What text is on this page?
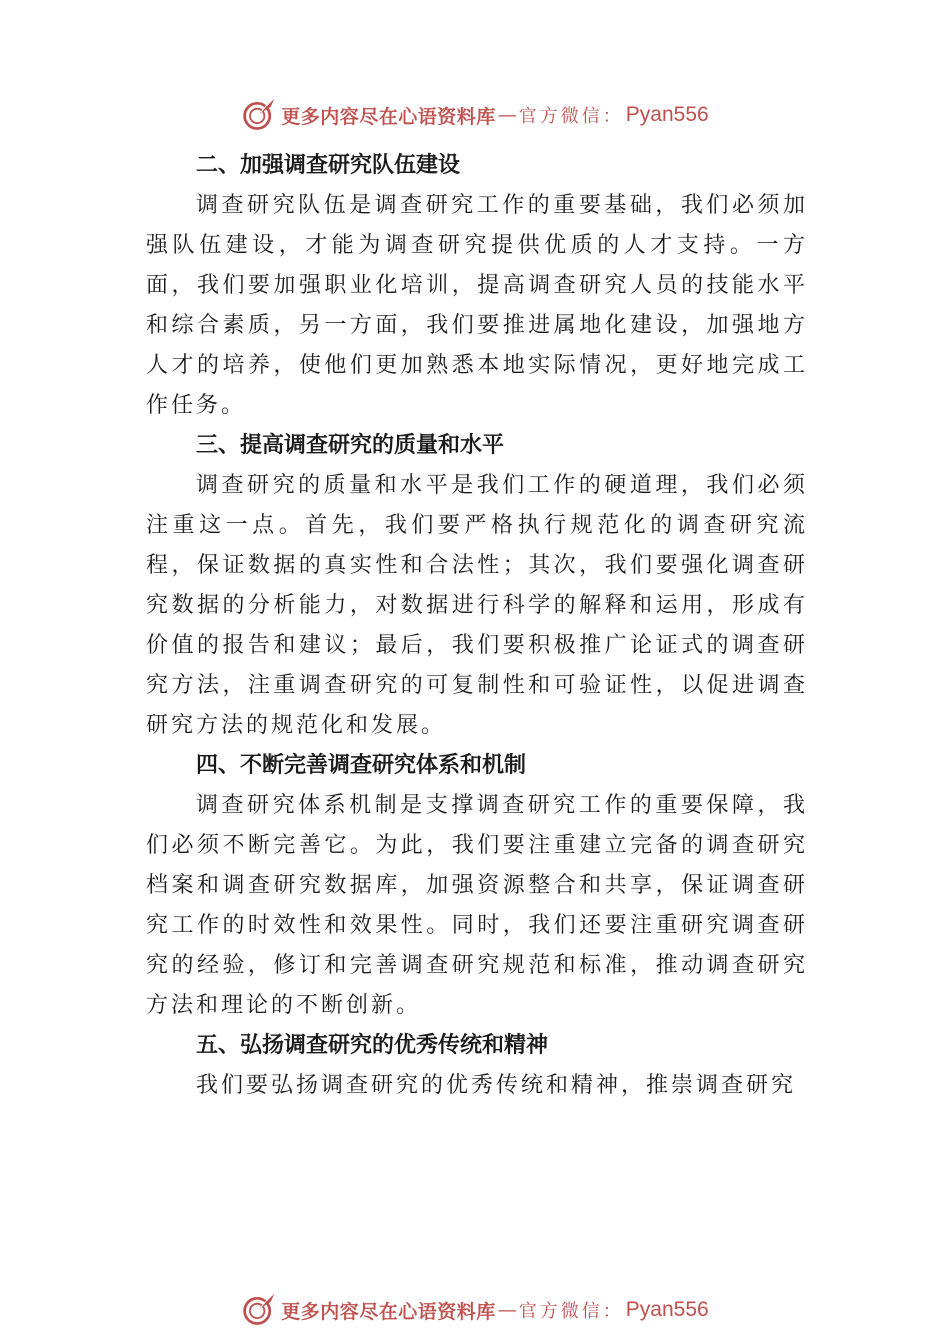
更多内容尽在心语资料库 — 官方微信： Pyan556
二、加强调查研究队伍建设

调查研究队伍是调查研究工作的重要基础，我们必须加强队伍建设，才能为调查研究提供优质的人才支持。一方面，我们要加强职业化培训，提高调查研究人员的技能水平和综合素质，另一方面，我们要推进属地化建设，加强地方人才的培养，使他们更加熟悉本地实际情况，更好地完成工作任务。

三、提高调查研究的质量和水平

调查研究的质量和水平是我们工作的硬道理，我们必须注重这一点。首先，我们要严格执行规范化的调查研究流程，保证数据的真实性和合法性；其次，我们要强化调查研究数据的分析能力，对数据进行科学的解释和运用，形成有价值的报告和建议；最后，我们要积极推广论证式的调查研究方法，注重调查研究的可复制性和可验证性，以促进调查研究方法的规范化和发展。

四、不断完善调查研究体系和机制

调查研究体系机制是支撑调查研究工作的重要保障，我们必须不断完善它。为此，我们要注重建立完备的调查研究档案和调查研究数据库，加强资源整合和共享，保证调查研究工作的时效性和效果性。同时，我们还要注重研究调查研究的经验，修订和完善调查研究规范和标准，推动调查研究方法和理论的不断创新。

五、弘扬调查研究的优秀传统和精神

我们要弘扬调查研究的优秀传统和精神，推崇调查研究

更多内容尽在心语资料库 — 官方微信： Pyan556
